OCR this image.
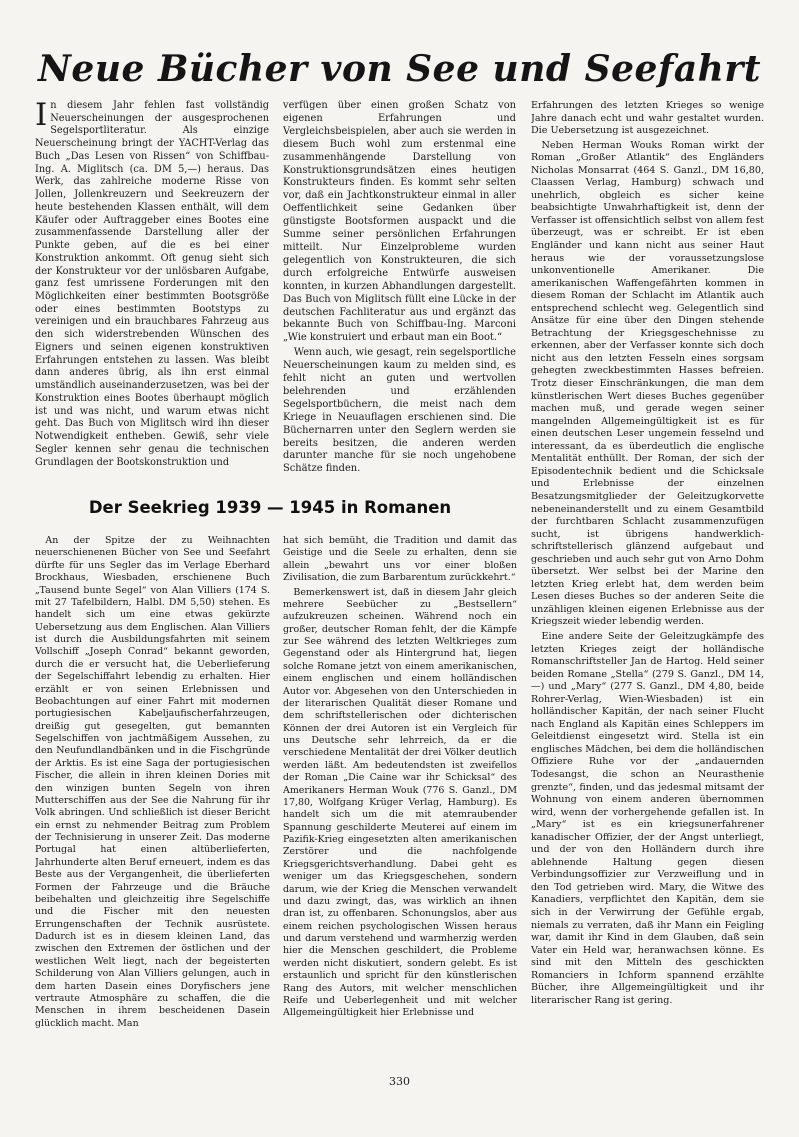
Neue Bücher von See und Seefahrt

In diesem Jahr fehlen fast vollständig Neuerscheinungen der ausgesprochenen Segelsportliteratur. Als einzige Neuerscheinung bringt der YACHT-Verlag das Buch „Das Lesen von Rissen“ von Schiffbau-Ing. A. Miglitsch (ca. DM 5,—) heraus. Das Werk, das zahlreiche moderne Risse von Jollen, Jollenkreuzern und Seekreuzern der heute bestehenden Klassen enthält, will dem Käufer oder Auftraggeber eines Bootes eine zusammenfassende Darstellung aller der Punkte geben, auf die es bei einer Konstruktion ankommt. Oft genug sieht sich der Konstrukteur vor der unlösbaren Aufgabe, ganz fest umrissene Forderungen mit den Möglichkeiten einer bestimmten Bootsgröße oder eines bestimmten Bootstyps zu vereinigen und ein brauchbares Fahrzeug aus den sich widerstrebenden Wünschen des Eigners und seinen eigenen konstruktiven Erfahrungen entstehen zu lassen. Was bleibt dann anderes übrig, als ihn erst einmal umständlich auseinanderzusetzen, was bei der Konstruktion eines Bootes überhaupt möglich ist und was nicht, und warum etwas nicht geht. Das Buch von Miglitsch wird ihn dieser Notwendigkeit entheben. Gewiß, sehr viele Segler kennen sehr genau die technischen Grundlagen der Bootskonstruktion und

verfügen über einen großen Schatz von eigenen Erfahrungen und Vergleichsbeispielen, aber auch sie werden in diesem Buch wohl zum erstenmal eine zusammenhängende Darstellung von Konstruktionsgrundsätzen eines heutigen Konstrukteurs finden. Es kommt sehr selten vor, daß ein Jachtkonstrukteur einmal in aller Oeffentlichkeit seine Gedanken über günstigste Bootsformen auspackt und die Summe seiner persönlichen Erfahrungen mitteilt. Nur Einzelprobleme wurden gelegentlich von Konstrukteuren, die sich durch erfolgreiche Entwürfe ausweisen konnten, in kurzen Abhandlungen dargestellt. Das Buch von Miglitsch füllt eine Lücke in der deutschen Fachliteratur aus und ergänzt das bekannte Buch von Schiffbau-Ing. Marconi „Wie konstruiert und erbaut man ein Boot.“

Wenn auch, wie gesagt, rein segelsportliche Neuerscheinungen kaum zu melden sind, es fehlt nicht an guten und wertvollen belehrenden und erzählenden Segelsportbüchern, die meist nach dem Kriege in Neuauflagen erschienen sind. Die Büchernarren unter den Seglern werden sie bereits besitzen, die anderen werden darunter manche für sie noch ungehobene Schätze finden.

Erfahrungen des letzten Krieges so wenige Jahre danach echt und wahr gestaltet wurden. Die Uebersetzung ist ausgezeichnet.

Neben Herman Wouks Roman wirkt der Roman „Großer Atlantik“ des Engländers Nicholas Monsarrat (464 S. Ganzl., DM 16,80, Claassen Verlag, Hamburg) schwach und unehrlich, obgleich es sicher keine beabsichtigte Unwahrhaftigkeit ist, denn der Verfasser ist offensichtlich selbst von allem fest überzeugt, was er schreibt. Er ist eben Engländer und kann nicht aus seiner Haut heraus wie der voraussetzungslose unkonventionelle Amerikaner. Die amerikanischen Waffengefährten kommen in diesem Roman der Schlacht im Atlantik auch entsprechend schlecht weg. Gelegentlich sind Ansätze für eine über den Dingen stehende Betrachtung der Kriegsgeschehnisse zu erkennen, aber der Verfasser konnte sich doch nicht aus den letzten Fesseln eines sorgsam gehegten zweckbestimmten Hasses befreien. Trotz dieser Einschränkungen, die man dem künstlerischen Wert dieses Buches gegenüber machen muß, und gerade wegen seiner mangelnden Allgemeingültigkeit ist es für einen deutschen Leser ungemein fesselnd und interessant, da es überdeutlich die englische Mentalität enthüllt. Der Roman, der sich der Episodentechnik bedient und die Schicksale und Erlebnisse der einzelnen Besatzungsmitglieder der Geleitzugkorvette nebeneinanderstellt und zu einem Gesamtbild der furchtbaren Schlacht zusammenzufügen sucht, ist übrigens handwerklich-schriftstellerisch glänzend aufgebaut und geschrieben und auch sehr gut von Arno Dohm übersetzt. Wer selbst bei der Marine den letzten Krieg erlebt hat, dem werden beim Lesen dieses Buches so der anderen Seite die unzähligen kleinen eigenen Erlebnisse aus der Kriegszeit wieder lebendig werden.

Eine andere Seite der Geleitzugkämpfe des letzten Krieges zeigt der holländische Romanschriftsteller Jan de Hartog. Held seiner beiden Romane „Stella“ (279 S. Ganzl., DM 14,—) und „Mary“ (277 S. Ganzl., DM 4,80, beide Rohrer-Verlag, Wien-Wiesbaden) ist ein holländischer Kapitän, der nach seiner Flucht nach England als Kapitän eines Schleppers im Geleitdienst eingesetzt wird. Stella ist ein englisches Mädchen, bei dem die holländischen Offiziere Ruhe vor der „andauernden Todesangst, die schon an Neurasthenie grenzte“, finden, und das jedesmal mitsamt der Wohnung von einem anderen übernommen wird, wenn der vorhergehende gefallen ist. In „Mary“ ist es ein kriegsunerfahrener kanadischer Offizier, der der Angst unterliegt, und der von den Holländern durch ihre ablehnende Haltung gegen diesen Verbindungsoffizier zur Verzweiflung und in den Tod getrieben wird. Mary, die Witwe des Kanadiers, verpflichtet den Kapitän, dem sie sich in der Verwirrung der Gefühle ergab, niemals zu verraten, daß ihr Mann ein Feigling war, damit ihr Kind in dem Glauben, daß sein Vater ein Held war, heranwachsen könne. Es sind mit den Mitteln des geschickten Romanciers in Ichform spannend erzählte Bücher, ihre Allgemeingültigkeit und ihr literarischer Rang ist gering.

Der Seekrieg 1939 — 1945 in Romanen

An der Spitze der zu Weihnachten neuerschienenen Bücher von See und Seefahrt dürfte für uns Segler das im Verlage Eberhard Brockhaus, Wiesbaden, erschienene Buch „Tausend bunte Segel“ von Alan Villiers (174 S. mit 27 Tafelbildern, Halbl. DM 5,50) stehen. Es handelt sich um eine etwas gekürzte Uebersetzung aus dem Englischen. Alan Villiers ist durch die Ausbildungsfahrten mit seinem Vollschiff „Joseph Conrad“ bekannt geworden, durch die er versucht hat, die Ueberlieferung der Segelschiffahrt lebendig zu erhalten. Hier erzählt er von seinen Erlebnissen und Beobachtungen auf einer Fahrt mit modernen portugiesischen Kabeljaufischerfahrzeugen, dreißig gut gesegelten, gut bemannten Segelschiffen von jachtmäßigem Aussehen, zu den Neufundlandbänken und in die Fischgründe der Arktis. Es ist eine Saga der portugiesischen Fischer, die allein in ihren kleinen Dories mit den winzigen bunten Segeln von ihren Mutterschiffen aus der See die Nahrung für ihr Volk abringen. Und schließlich ist dieser Bericht ein ernst zu nehmender Beitrag zum Problem der Technisierung in unserer Zeit. Das moderne Portugal hat einen altüberlieferten, Jahrhunderte alten Beruf erneuert, indem es das Beste aus der Vergangenheit, die überlieferten Formen der Fahrzeuge und die Bräuche beibehalten und gleichzeitig ihre Segelschiffe und die Fischer mit den neuesten Errungenschaften der Technik ausrüstete. Dadurch ist es in diesem kleinen Land, das zwischen den Extremen der östlichen und der westlichen Welt liegt, nach der begeisterten Schilderung von Alan Villiers gelungen, auch in dem harten Dasein eines Doryfischers jene vertraute Atmosphäre zu schaffen, die die Menschen in ihrem bescheidenen Dasein glücklich macht. Man

hat sich bemüht, die Tradition und damit das Geistige und die Seele zu erhalten, denn sie allein „bewahrt uns vor einer bloßen Zivilisation, die zum Barbarentum zurückkehrt.“

Bemerkenswert ist, daß in diesem Jahr gleich mehrere Seebücher zu „Bestsellern“ aufzukreuzen scheinen. Während noch ein großer, deutscher Roman fehlt, der die Kämpfe zur See während des letzten Weltkrieges zum Gegenstand oder als Hintergrund hat, liegen solche Romane jetzt von einem amerikanischen, einem englischen und einem holländischen Autor vor. Abgesehen von den Unterschieden in der literarischen Qualität dieser Romane und dem schriftstellerischen oder dichterischen Können der drei Autoren ist ein Vergleich für uns Deutsche sehr lehrreich, da er die verschiedene Mentalität der drei Völker deutlich werden läßt. Am bedeutendsten ist zweifellos der Roman „Die Caine war ihr Schicksal“ des Amerikaners Herman Wouk (776 S. Ganzl., DM 17,80, Wolfgang Krüger Verlag, Hamburg). Es handelt sich um die mit atemraubender Spannung geschilderte Meuterei auf einem im Pazifik-Krieg eingesetzten alten amerikanischen Zerstörer und die nachfolgende Kriegsgerichtsverhandlung. Dabei geht es weniger um das Kriegsgeschehen, sondern darum, wie der Krieg die Menschen verwandelt und dazu zwingt, das, was wirklich an ihnen dran ist, zu offenbaren. Schonungslos, aber aus einem reichen psychologischen Wissen heraus und darum verstehend und warmherzig werden hier die Menschen geschildert, die Probleme werden nicht diskutiert, sondern gelebt. Es ist erstaunlich und spricht für den künstlerischen Rang des Autors, mit welcher menschlichen Reife und Ueberlegenheit und mit welcher Allgemeingültigkeit hier Erlebnisse und

330
